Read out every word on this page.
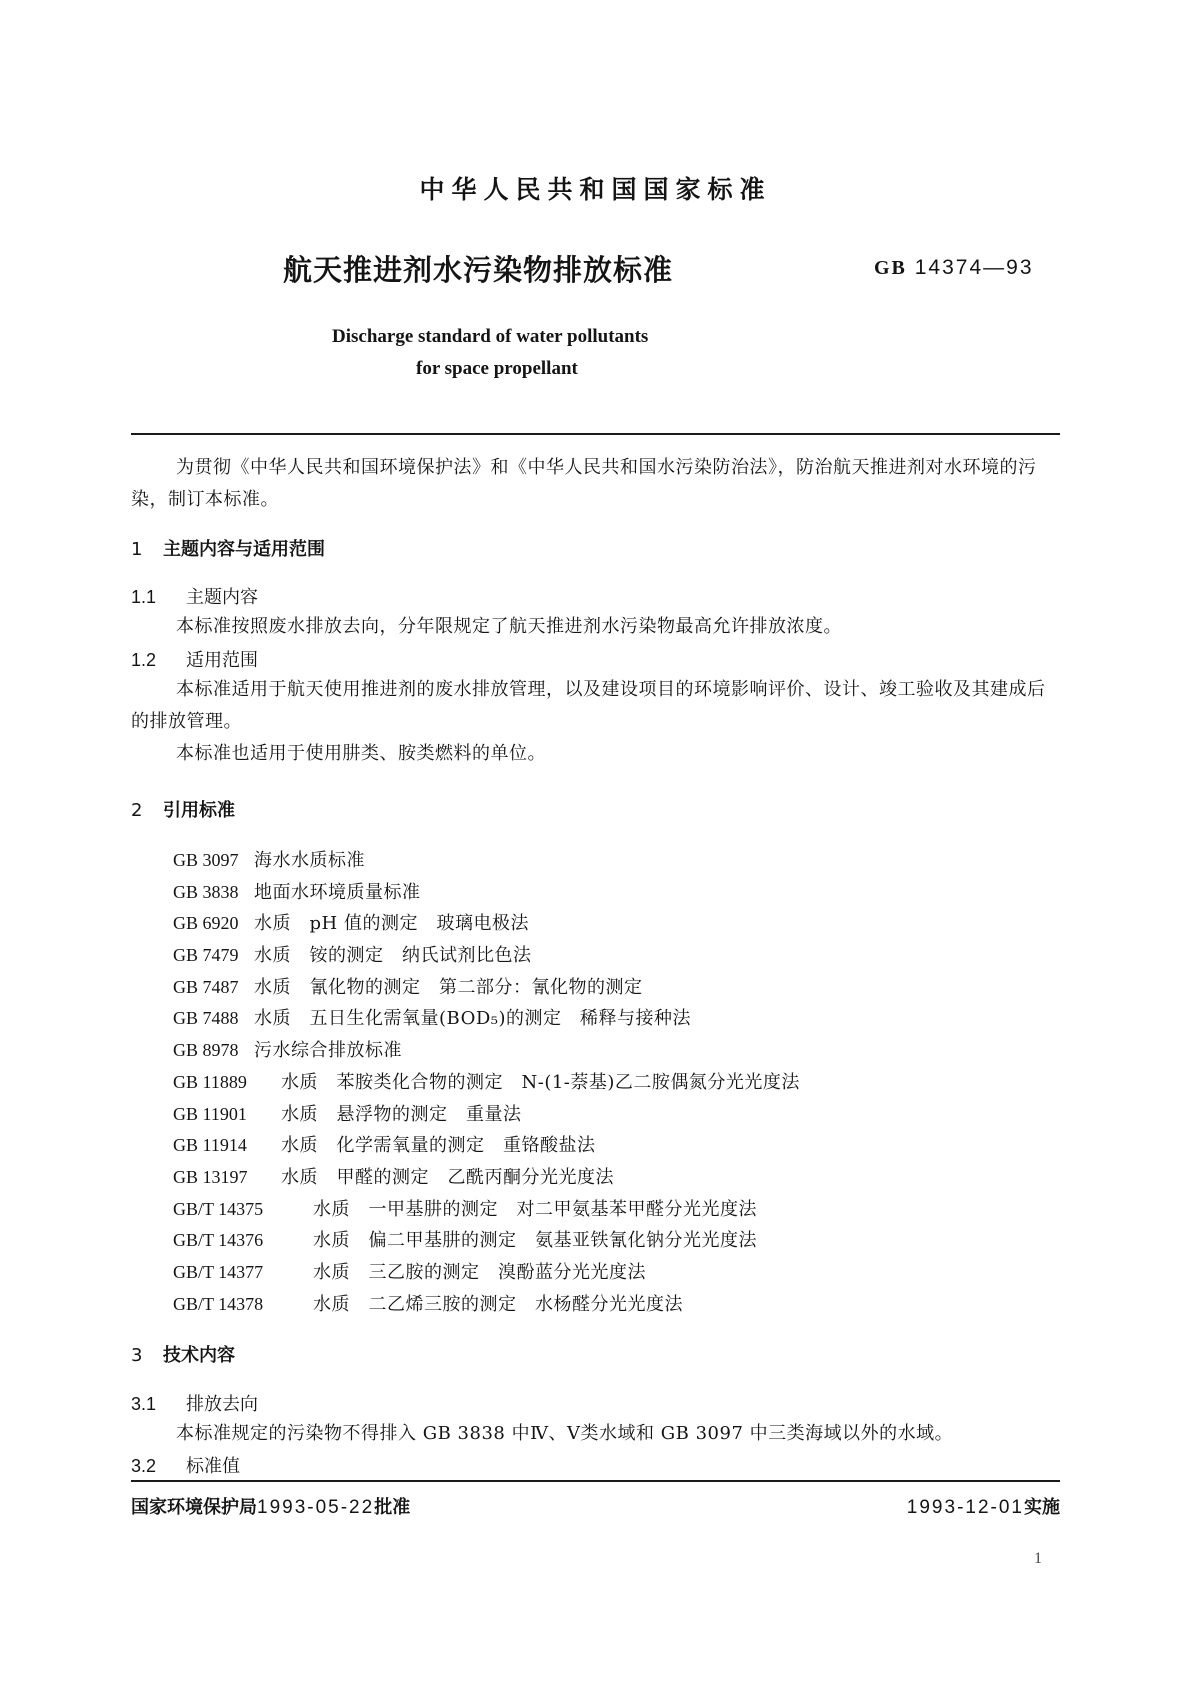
中华人民共和国国家标准
航天推进剂水污染物排放标准	GB 14374—93
Discharge standard of water pollutants
for space propellant
为贯彻《中华人民共和国环境保护法》和《中华人民共和国水污染防治法》，防治航天推进剂对水环境的污染，制订本标准。
1 主题内容与适用范围
1.1 主题内容
本标准按照废水排放去向，分年限规定了航天推进剂水污染物最高允许排放浓度。
1.2 适用范围
本标准适用于航天使用推进剂的废水排放管理，以及建设项目的环境影响评价、设计、竣工验收及其建成后的排放管理。
本标准也适用于使用肼类、胺类燃料的单位。
2 引用标准
GB 3097 海水水质标准
GB 3838 地面水环境质量标准
GB 6920 水质　pH 值的测定　玻璃电极法
GB 7479 水质　铵的测定　纳氏试剂比色法
GB 7487 水质　氰化物的测定　第二部分：氰化物的测定
GB 7488 水质　五日生化需氧量(BOD₅)的测定　稀释与接种法
GB 8978 污水综合排放标准
GB 11889 水质　苯胺类化合物的测定　N-(1-萘基)乙二胺偶氮分光光度法
GB 11901 水质　悬浮物的测定　重量法
GB 11914 水质　化学需氧量的测定　重铬酸盐法
GB 13197 水质　甲醛的测定　乙酰丙酮分光光度法
GB/T 14375	水质　一甲基肼的测定　对二甲氨基苯甲醛分光光度法
GB/T 14376	水质　偏二甲基肼的测定　氨基亚铁氰化钠分光光度法
GB/T 14377	水质　三乙胺的测定　溴酚蓝分光光度法
GB/T 14378	水质　二乙烯三胺的测定　水杨醛分光光度法
3 技术内容
3.1 排放去向
本标准规定的污染物不得排入 GB 3838 中Ⅳ、Ⅴ类水域和 GB 3097 中三类海域以外的水域。
3.2 标准值
国家环境保护局1993-05-22批准	1993-12-01实施
1
